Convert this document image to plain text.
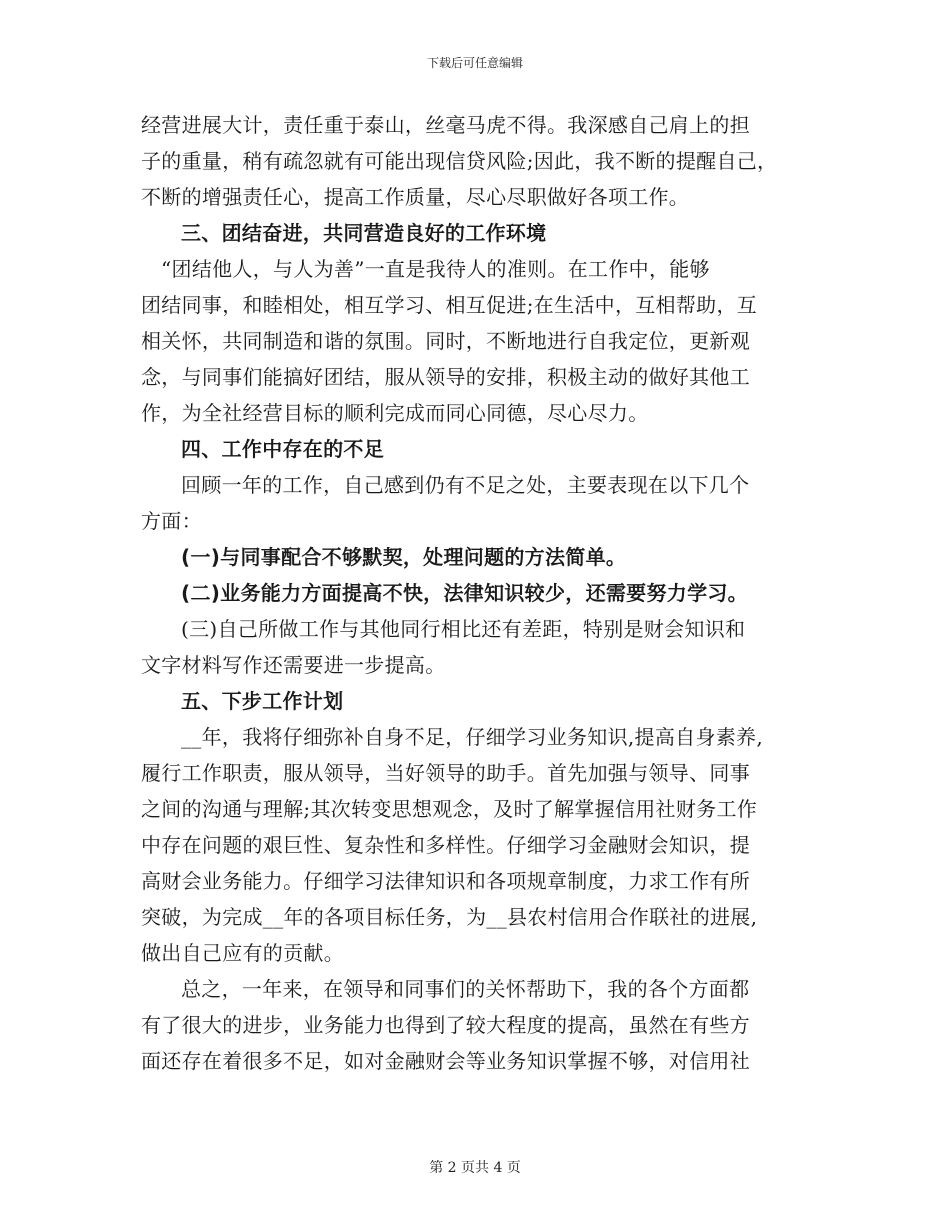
下载后可任意编辑
经营进展大计，责任重于泰山，丝毫马虎不得。我深感自己肩上的担
子的重量，稍有疏忽就有可能出现信贷风险;因此，我不断的提醒自己，
不断的增强责任心，提高工作质量，尽心尽职做好各项工作。
三、团结奋进，共同营造良好的工作环境
“团结他人，与人为善”一直是我待人的准则。在工作中，能够
团结同事，和睦相处，相互学习、相互促进;在生活中，互相帮助，互
相关怀，共同制造和谐的氛围。同时，不断地进行自我定位，更新观
念，与同事们能搞好团结，服从领导的安排，积极主动的做好其他工
作，为全社经营目标的顺利完成而同心同德，尽心尽力。
四、工作中存在的不足
回顾一年的工作，自己感到仍有不足之处，主要表现在以下几个
方面：
(一)与同事配合不够默契，处理问题的方法简单。
(二)业务能力方面提高不快，法律知识较少，还需要努力学习。
(三)自己所做工作与其他同行相比还有差距，特别是财会知识和
文字材料写作还需要进一步提高。
五、下步工作计划
__年，我将仔细弥补自身不足，仔细学习业务知识,提高自身素养,
履行工作职责，服从领导，当好领导的助手。首先加强与领导、同事
之间的沟通与理解;其次转变思想观念，及时了解掌握信用社财务工作
中存在问题的艰巨性、复杂性和多样性。仔细学习金融财会知识，提
高财会业务能力。仔细学习法律知识和各项规章制度，力求工作有所
突破，为完成__年的各项目标任务，为__县农村信用合作联社的进展,
做出自己应有的贡献。
总之，一年来，在领导和同事们的关怀帮助下，我的各个方面都
有了很大的进步，业务能力也得到了较大程度的提高，虽然在有些方
面还存在着很多不足，如对金融财会等业务知识掌握不够，对信用社
第 2 页共 4 页
